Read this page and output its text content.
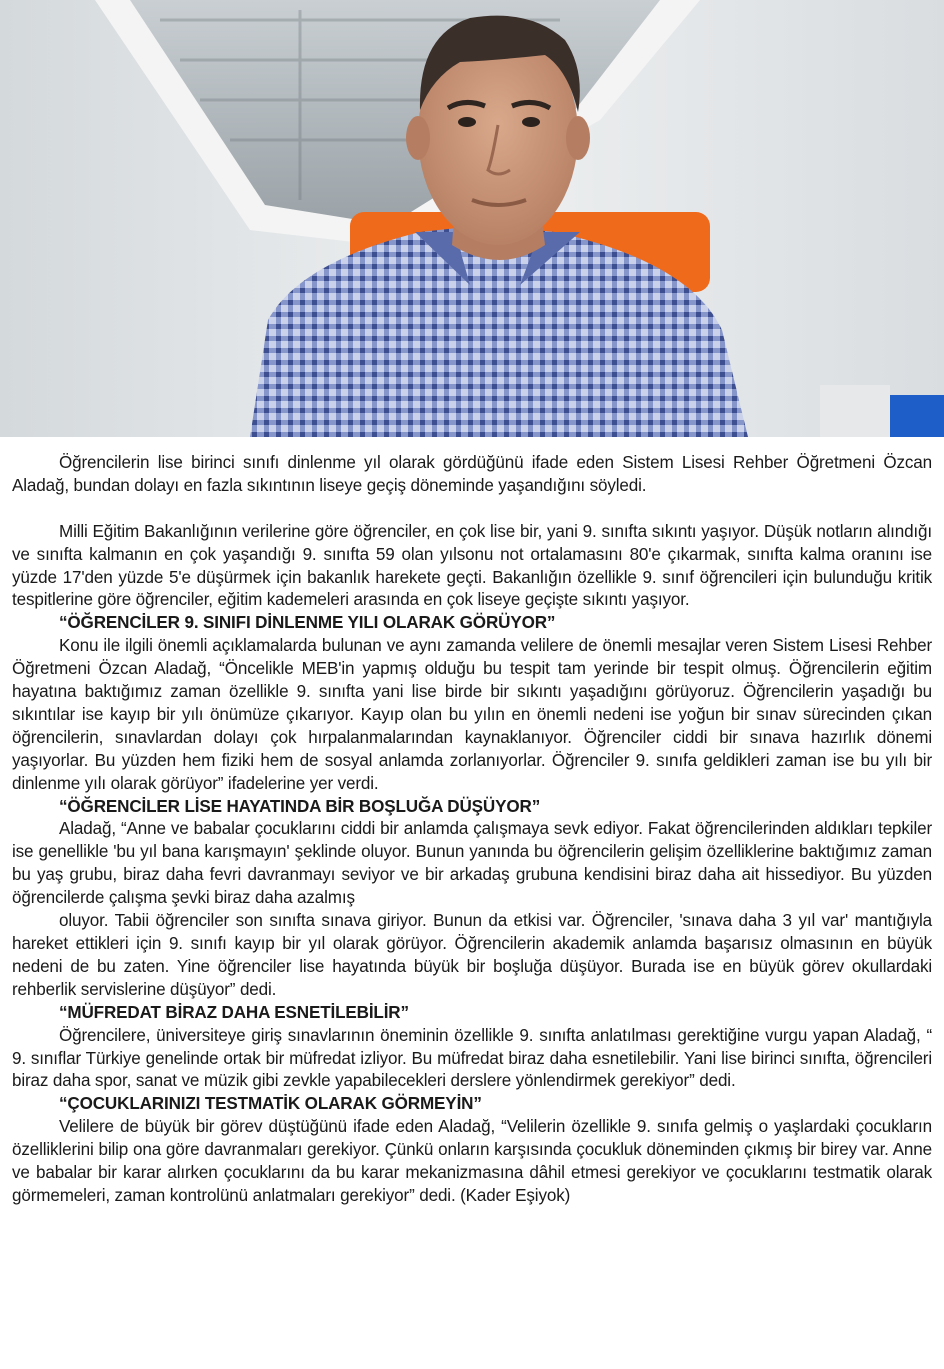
Öğrencilerin lise birinci sınıfı dinlenme yıl olarak gördüğünü ifade eden Sistem Lisesi Rehber Öğretmeni Özcan Aladağ, bundan dolayı en fazla sıkıntının liseye geçiş döneminde yaşandığını söyledi.

Milli Eğitim Bakanlığının verilerine göre öğrenciler, en çok lise bir, yani 9. sınıfta sıkıntı yaşıyor. Düşük notların alındığı ve sınıfta kalmanın en çok yaşandığı 9. sınıfta 59 olan yılsonu not ortalamasını 80'e çıkarmak, sınıfta kalma oranını ise yüzde 17'den yüzde 5'e düşürmek için bakanlık harekete geçti. Bakanlığın özellikle 9. sınıf öğrencileri için bulunduğu kritik tespitlerine göre öğrenciler, eğitim kademeleri arasında en çok liseye geçişte sıkıntı yaşıyor.

“ÖĞRENCİLER 9. SINIFI DİNLENME YILI OLARAK GÖRÜYOR”

Konu ile ilgili önemli açıklamalarda bulunan ve aynı zamanda velilere de önemli mesajlar veren Sistem Lisesi Rehber Öğretmeni Özcan Aladağ, “Öncelikle MEB'in yapmış olduğu bu tespit tam yerinde bir tespit olmuş. Öğrencilerin eğitim hayatına baktığımız zaman özellikle 9. sınıfta yani lise birde bir sıkıntı yaşadığını görüyoruz. Öğrencilerin yaşadığı bu sıkıntılar ise kayıp bir yılı önümüze çıkarıyor. Kayıp olan bu yılın en önemli nedeni ise yoğun bir sınav sürecinden çıkan öğrencilerin, sınavlardan dolayı çok hırpalanmalarından kaynaklanıyor. Öğrenciler ciddi bir sınava hazırlık dönemi yaşıyorlar. Bu yüzden hem fiziki hem de sosyal anlamda zorlanıyorlar. Öğrenciler 9. sınıfa geldikleri zaman ise bu yılı bir dinlenme yılı olarak görüyor” ifadelerine yer verdi.

“ÖĞRENCİLER LİSE HAYATINDA BİR BOŞLUĞA DÜŞÜYOR”

Aladağ, “Anne ve babalar çocuklarını ciddi bir anlamda çalışmaya sevk ediyor. Fakat öğrencilerinden aldıkları tepkiler ise genellikle 'bu yıl bana karışmayın' şeklinde oluyor. Bunun yanında bu öğrencilerin gelişim özelliklerine baktığımız zaman bu yaş grubu, biraz daha fevri davranmayı seviyor ve bir arkadaş grubuna kendisini biraz daha ait hissediyor. Bu yüzden öğrencilerde çalışma şevki biraz daha azalmış

oluyor. Tabii öğrenciler son sınıfta sınava giriyor. Bunun da etkisi var. Öğrenciler, 'sınava daha 3 yıl var' mantığıyla hareket ettikleri için 9. sınıfı kayıp bir yıl olarak görüyor. Öğrencilerin akademik anlamda başarısız olmasının en büyük nedeni de bu zaten. Yine öğrenciler lise hayatında büyük bir boşluğa düşüyor. Burada ise en büyük görev okullardaki rehberlik servislerine düşüyor” dedi.

“MÜFREDAT BİRAZ DAHA ESNETİLEBİLİR”

Öğrencilere, üniversiteye giriş sınavlarının öneminin özellikle 9. sınıfta anlatılması gerektiğine vurgu yapan Aladağ, “ 9. sınıflar Türkiye genelinde ortak bir müfredat izliyor. Bu müfredat biraz daha esnetilebilir. Yani lise birinci sınıfta, öğrencileri biraz daha spor, sanat ve müzik gibi zevkle yapabilecekleri derslere yönlendirmek gerekiyor” dedi.

“ÇOCUKLARINIZI TESTMATİK OLARAK GÖRMEYİN”

Velilere de büyük bir görev düştüğünü ifade eden Aladağ, “Velilerin özellikle 9. sınıfa gelmiş o yaşlardaki çocukların özelliklerini bilip ona göre davranmaları gerekiyor. Çünkü onların karşısında çocukluk döneminden çıkmış bir birey var. Anne ve babalar bir karar alırken çocuklarını da bu karar mekanizmasına dâhil etmesi gerekiyor ve çocuklarını testmatik olarak görmemeleri, zaman kontrolünü anlatmaları gerekiyor” dedi. (Kader Eşiyok)
